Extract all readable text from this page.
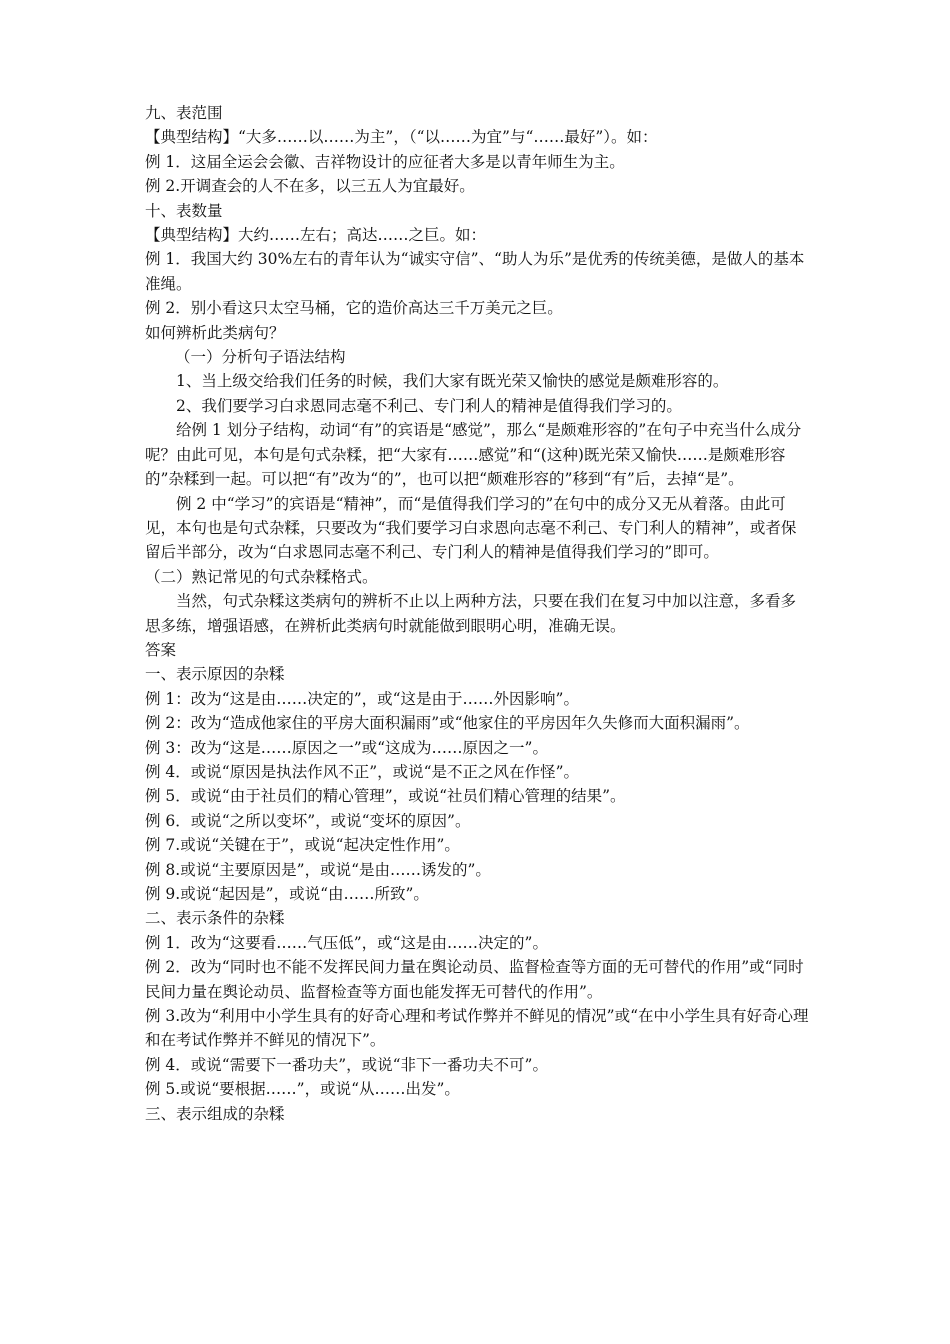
九、表范围

【典型结构】“大多……以……为主”，（“以……为宜”与“……最好”）。如：

例 1．这届全运会会徽、吉祥物设计的应征者大多是以青年师生为主。

例 2.开调查会的人不在多，以三五人为宜最好。

十、表数量

【典型结构】大约……左右；高达……之巨。如：

例 1．我国大约 30%左右的青年认为“诚实守信”、“助人为乐”是优秀的传统美德，是做人的基本准绳。

例 2．别小看这只太空马桶，它的造价高达三千万美元之巨。

如何辨析此类病句？

（一）分析句子语法结构

1、当上级交给我们任务的时候，我们大家有既光荣又愉快的感觉是颇难形容的。

2、我们要学习白求恩同志毫不利己、专门利人的精神是值得我们学习的。

给例 1 划分子结构，动词“有”的宾语是“感觉”，那么“是颇难形容的”在句子中充当什么成分呢？由此可见，本句是句式杂糅，把“大家有……感觉”和“(这种)既光荣又愉快……是颇难形容的”杂糅到一起。可以把“有”改为“的”，也可以把“颇难形容的”移到“有”后，去掉“是”。

例 2 中“学习”的宾语是“精神”，而“是值得我们学习的”在句中的成分又无从着落。由此可见，本句也是句式杂糅，只要改为“我们要学习白求恩向志毫不利己、专门利人的精神”，或者保留后半部分，改为“白求恩同志毫不利己、专门利人的精神是值得我们学习的”即可。

（二）熟记常见的句式杂糅格式。

当然，句式杂糅这类病句的辨析不止以上两种方法，只要在我们在复习中加以注意，多看多思多练，增强语感，在辨析此类病句时就能做到眼明心明，准确无误。

答案

一、表示原因的杂糅

例 1：改为“这是由……决定的”，或“这是由于……外因影响”。

例 2：改为“造成他家住的平房大面积漏雨”或“他家住的平房因年久失修而大面积漏雨”。

例 3：改为“这是……原因之一”或“这成为……原因之一”。

例 4．或说“原因是执法作风不正”，或说“是不正之风在作怪”。

例 5．或说“由于社员们的精心管理”，或说“社员们精心管理的结果”。

例 6．或说“之所以变坏”，或说“变坏的原因”。

例 7.或说“关键在于”，或说“起决定性作用”。

例 8.或说“主要原因是”，或说“是由……诱发的”。

例 9.或说“起因是”，或说“由……所致”。

二、表示条件的杂糅

例 1．改为“这要看……气压低”，或“这是由……决定的”。

例 2．改为“同时也不能不发挥民间力量在舆论动员、监督检查等方面的无可替代的作用”或“同时民间力量在舆论动员、监督检查等方面也能发挥无可替代的作用”。

例 3.改为“利用中小学生具有的好奇心理和考试作弊并不鲜见的情况”或“在中小学生具有好奇心理和在考试作弊并不鲜见的情况下”。

例 4．或说“需要下一番功夫”，或说“非下一番功夫不可”。

例 5.或说“要根据……”，或说“从……出发”。

三、表示组成的杂糅
